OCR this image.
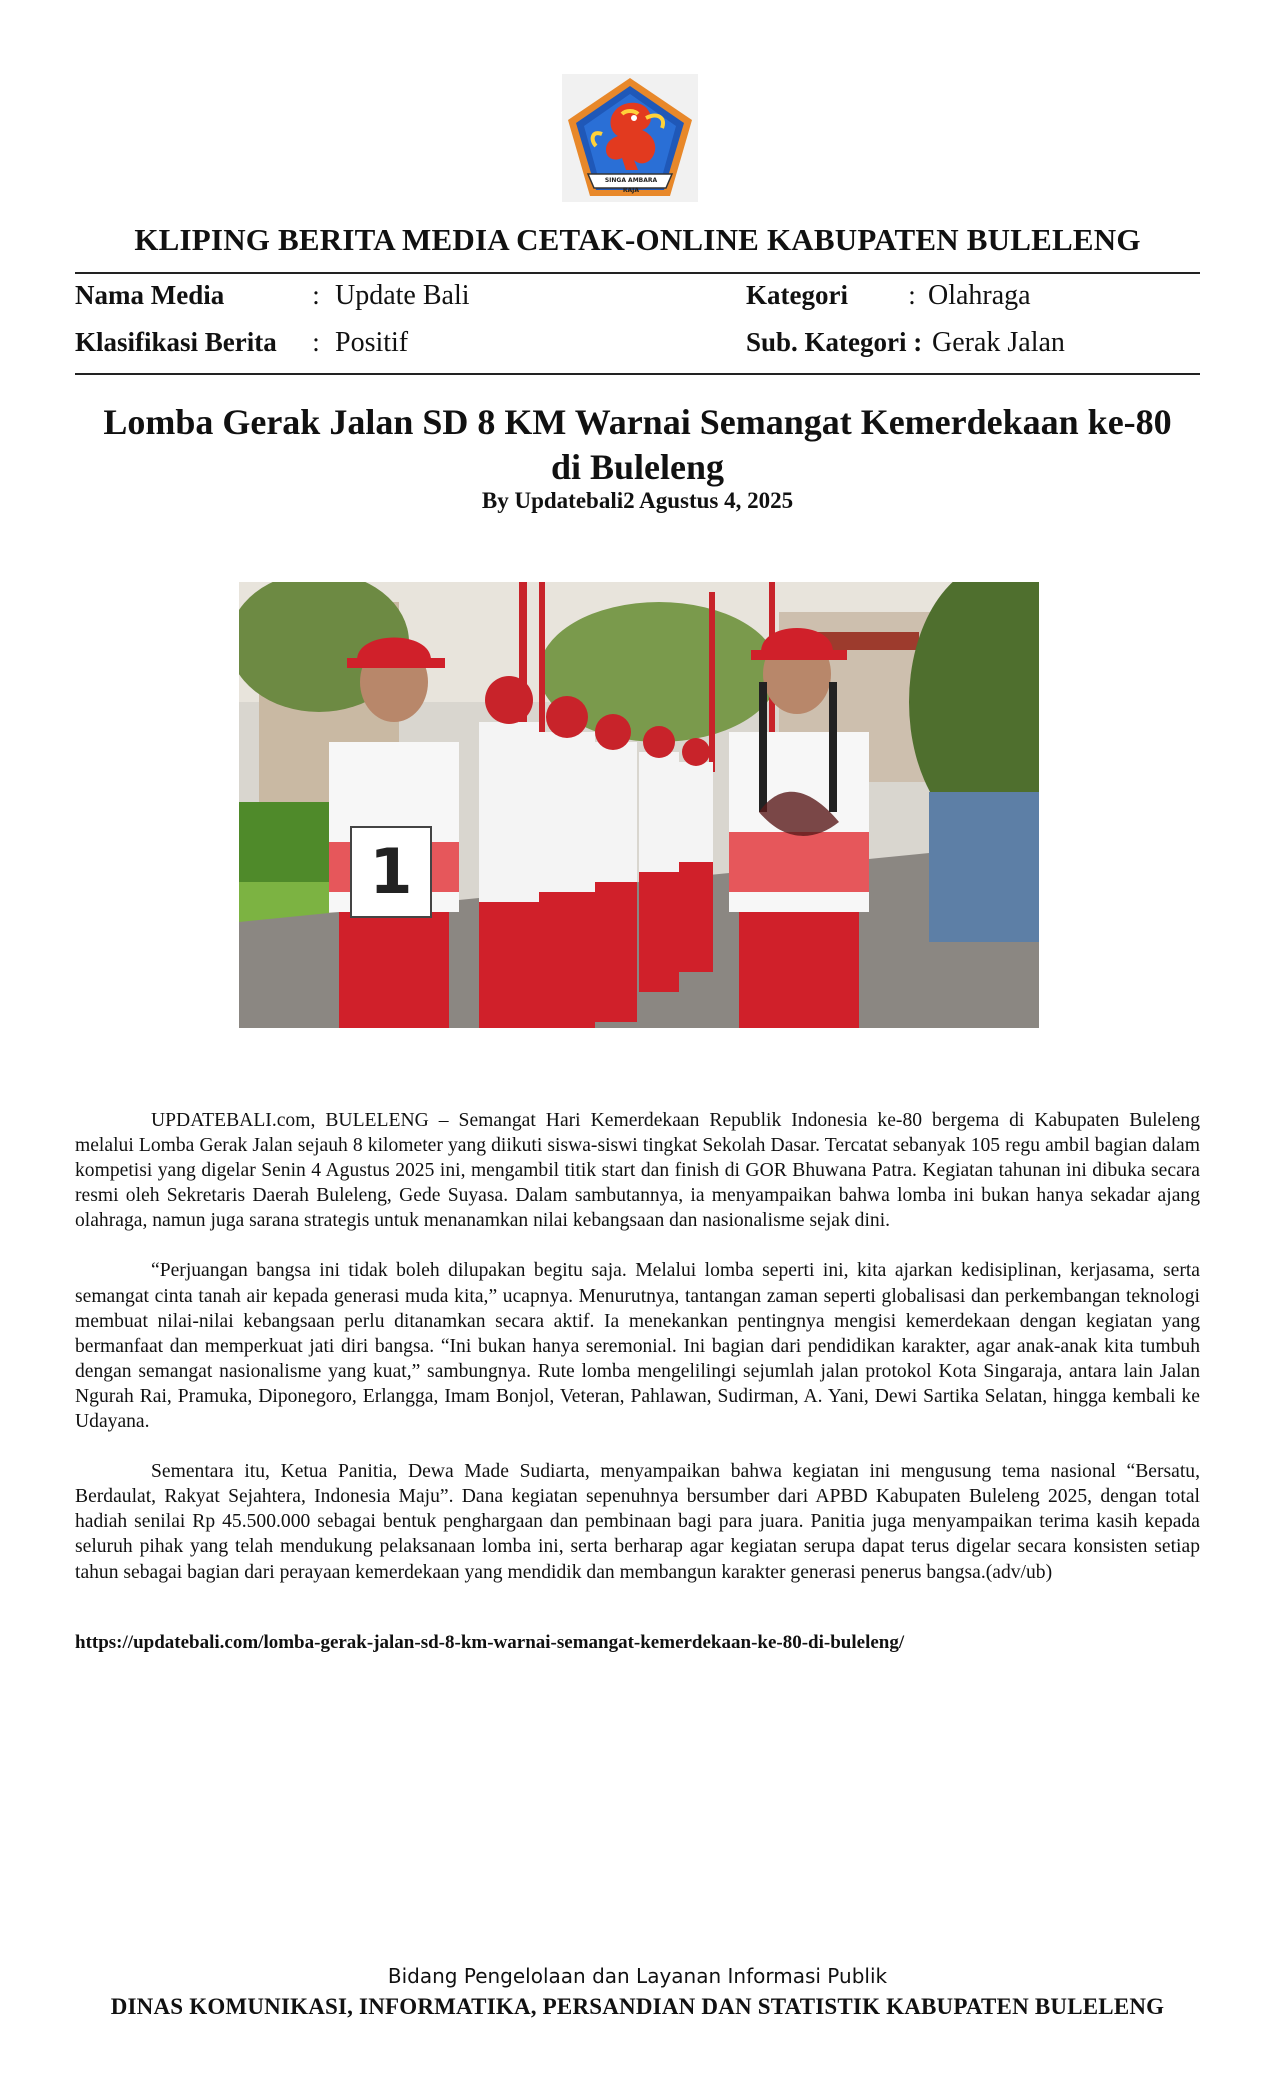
SINGA AMBARA RAJA
KLIPING BERITA MEDIA CETAK-ONLINE KABUPATEN BULELENG
Nama Media	: Update Bali
Klasifikasi Berita : Positif
Kategori : Olahraga
Sub. Kategori : Gerak Jalan
Lomba Gerak Jalan SD 8 KM Warnai Semangat Kemerdekaan ke-80 di Buleleng
By Updatebali2 Agustus 4, 2025
1

UPDATEBALI.com, BULELENG – Semangat Hari Kemerdekaan Republik Indonesia ke-80 bergema di Kabupaten Buleleng melalui Lomba Gerak Jalan sejauh 8 kilometer yang diikuti siswa-siswi tingkat Sekolah Dasar. Tercatat sebanyak 105 regu ambil bagian dalam kompetisi yang digelar Senin 4 Agustus 2025 ini, mengambil titik start dan finish di GOR Bhuwana Patra. Kegiatan tahunan ini dibuka secara resmi oleh Sekretaris Daerah Buleleng, Gede Suyasa. Dalam sambutannya, ia menyampaikan bahwa lomba ini bukan hanya sekadar ajang olahraga, namun juga sarana strategis untuk menanamkan nilai kebangsaan dan nasionalisme sejak dini.

“Perjuangan bangsa ini tidak boleh dilupakan begitu saja. Melalui lomba seperti ini, kita ajarkan kedisiplinan, kerjasama, serta semangat cinta tanah air kepada generasi muda kita,” ucapnya. Menurutnya, tantangan zaman seperti globalisasi dan perkembangan teknologi membuat nilai-nilai kebangsaan perlu ditanamkan secara aktif. Ia menekankan pentingnya mengisi kemerdekaan dengan kegiatan yang bermanfaat dan memperkuat jati diri bangsa. “Ini bukan hanya seremonial. Ini bagian dari pendidikan karakter, agar anak-anak kita tumbuh dengan semangat nasionalisme yang kuat,” sambungnya. Rute lomba mengelilingi sejumlah jalan protokol Kota Singaraja, antara lain Jalan Ngurah Rai, Pramuka, Diponegoro, Erlangga, Imam Bonjol, Veteran, Pahlawan, Sudirman, A. Yani, Dewi Sartika Selatan, hingga kembali ke Udayana.

Sementara itu, Ketua Panitia, Dewa Made Sudiarta, menyampaikan bahwa kegiatan ini mengusung tema nasional “Bersatu, Berdaulat, Rakyat Sejahtera, Indonesia Maju”. Dana kegiatan sepenuhnya bersumber dari APBD Kabupaten Buleleng 2025, dengan total hadiah senilai Rp 45.500.000 sebagai bentuk penghargaan dan pembinaan bagi para juara. Panitia juga menyampaikan terima kasih kepada seluruh pihak yang telah mendukung pelaksanaan lomba ini, serta berharap agar kegiatan serupa dapat terus digelar secara konsisten setiap tahun sebagai bagian dari perayaan kemerdekaan yang mendidik dan membangun karakter generasi penerus bangsa.(adv/ub)

https://updatebali.com/lomba-gerak-jalan-sd-8-km-warnai-semangat-kemerdekaan-ke-80-di-buleleng/
Bidang Pengelolaan dan Layanan Informasi Publik
DINAS KOMUNIKASI, INFORMATIKA, PERSANDIAN DAN STATISTIK KABUPATEN BULELENG
